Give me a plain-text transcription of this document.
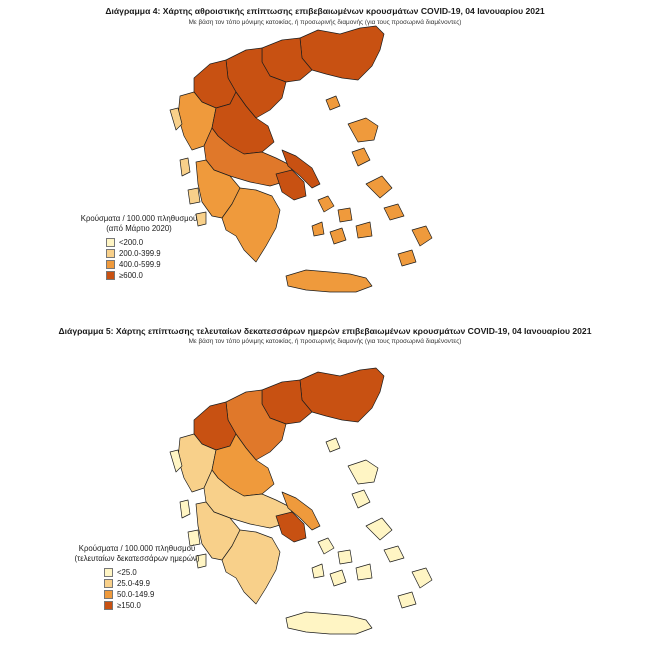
Διάγραμμα 4: Χάρτης αθροιστικής επίπτωσης επιβεβαιωμένων κρουσμάτων COVID-19, 04 Ιανουαρίου 2021
Με βάση τον τόπο μόνιμης κατοικίας, ή προσωρινής διαμονής (για τους προσωρινά διαμένοντες)
Κρούσματα / 100.000 πληθυσμού
(από Μάρτιο 2020)
<200.0
200.0-399.9
400.0-599.9
≥600.0
Διάγραμμα 5: Χάρτης επίπτωσης τελευταίων δεκατεσσάρων ημερών επιβεβαιωμένων κρουσμάτων COVID-19, 04 Ιανουαρίου 2021
Με βάση τον τόπο μόνιμης κατοικίας, ή προσωρινής διαμονής (για τους προσωρινά διαμένοντες)
Κρούσματα / 100.000 πληθυσμού
(τελευταίων δεκατεσσάρων ημερών)
<25.0
25.0-49.9
50.0-149.9
≥150.0
